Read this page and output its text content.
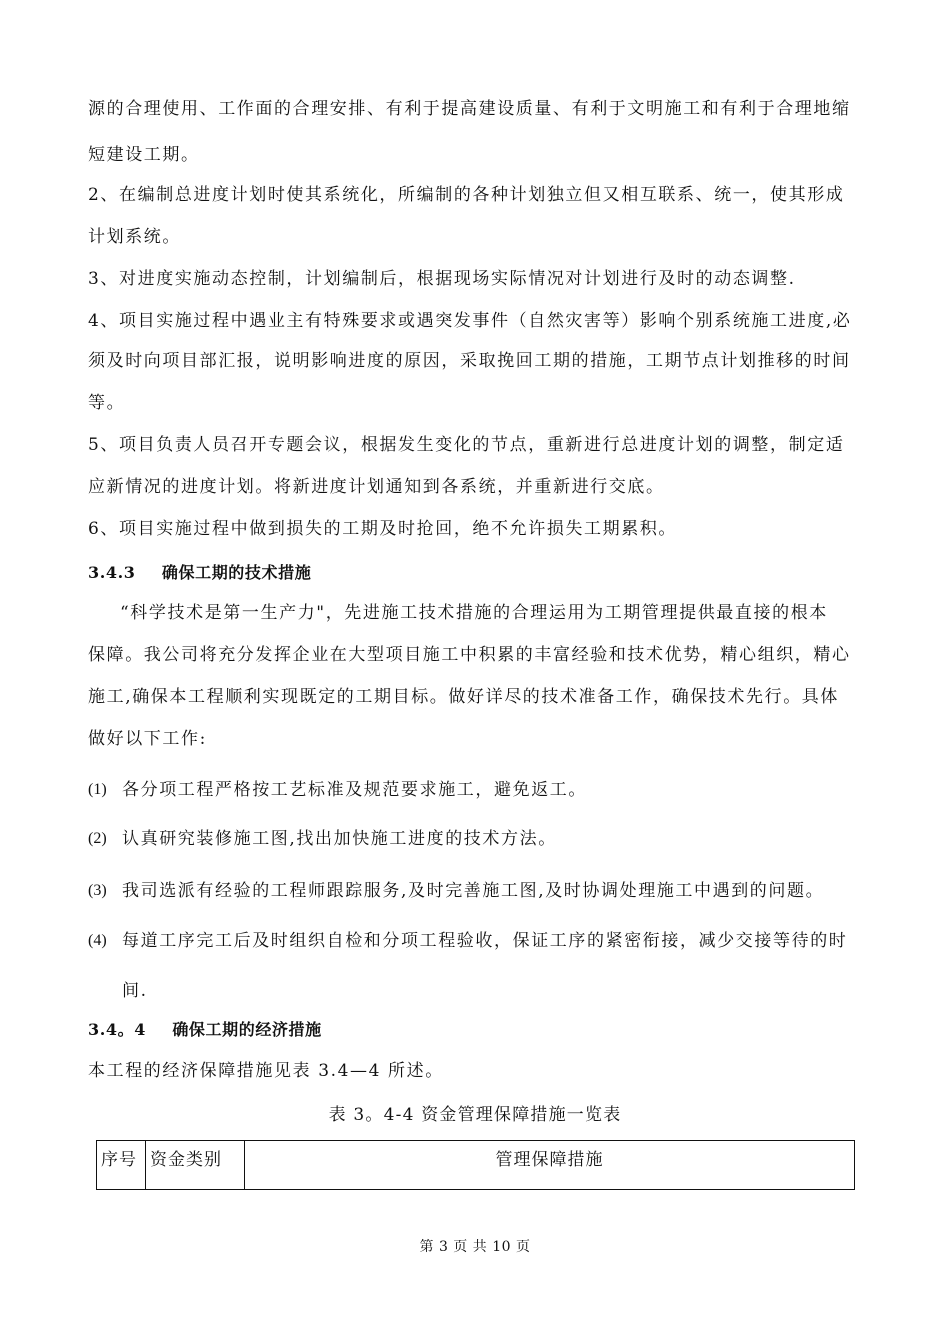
源的合理使用、工作面的合理安排、有利于提高建设质量、有利于文明施工和有利于合理地缩
短建设工期。
2、在编制总进度计划时使其系统化，所编制的各种计划独立但又相互联系、统一，使其形成
计划系统。
3、对进度实施动态控制，计划编制后，根据现场实际情况对计划进行及时的动态调整.
4、项目实施过程中遇业主有特殊要求或遇突发事件（自然灾害等）影响个别系统施工进度,必
须及时向项目部汇报，说明影响进度的原因，采取挽回工期的措施，工期节点计划推移的时间
等。
5、项目负责人员召开专题会议，根据发生变化的节点，重新进行总进度计划的调整，制定适
应新情况的进度计划。将新进度计划通知到各系统，并重新进行交底。
6、项目实施过程中做到损失的工期及时抢回，绝不允许损失工期累积。
3.4.3 确保工期的技术措施
“科学技术是第一生产力"，先进施工技术措施的合理运用为工期管理提供最直接的根本
保障。我公司将充分发挥企业在大型项目施工中积累的丰富经验和技术优势，精心组织，精心
施工,确保本工程顺利实现既定的工期目标。做好详尽的技术准备工作，确保技术先行。具体
做好以下工作:
(1) 各分项工程严格按工艺标准及规范要求施工，避免返工。
(2) 认真研究装修施工图,找出加快施工进度的技术方法。
(3) 我司选派有经验的工程师跟踪服务,及时完善施工图,及时协调处理施工中遇到的问题。
(4) 每道工序完工后及时组织自检和分项工程验收，保证工序的紧密衔接，减少交接等待的时
间.
3.4。4 确保工期的经济措施
本工程的经济保障措施见表 3.4—4 所述。
表 3。4-4 资金管理保障措施一览表
序号	资金类别	管理保障措施
第 3 页 共 10 页
